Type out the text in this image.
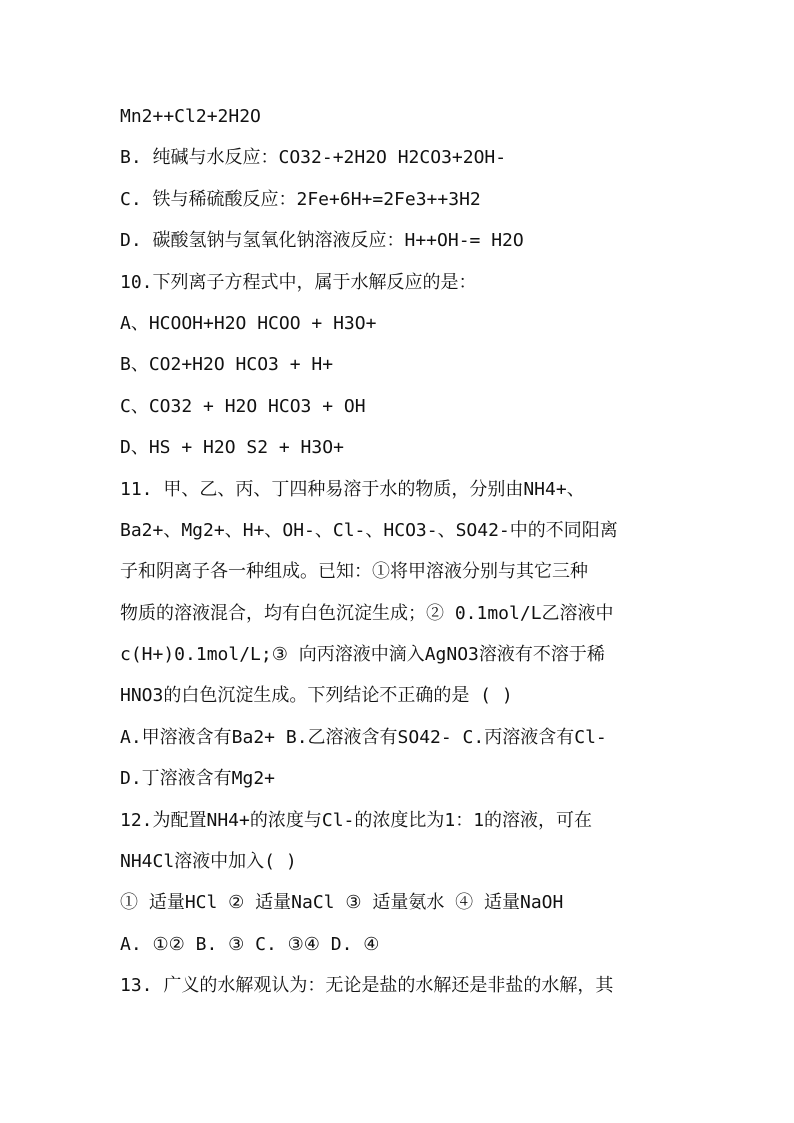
Mn2++Cl2+2H2O
B. 纯碱与水反应：CO32-+2H2O H2CO3+2OH-
C. 铁与稀硫酸反应：2Fe+6H+=2Fe3++3H2
D. 碳酸氢钠与氢氧化钠溶液反应：H++OH-= H2O
10.下列离子方程式中，属于水解反应的是：
A、HCOOH+H2O HCOO + H3O+
B、CO2+H2O HCO3 + H+
C、CO32 + H2O HCO3 + OH
D、HS + H2O S2 + H3O+
11. 甲、乙、丙、丁四种易溶于水的物质，分别由NH4+、
Ba2+、Mg2+、H+、OH-、Cl-、HCO3-、SO42-中的不同阳离
子和阴离子各一种组成。已知：①将甲溶液分别与其它三种
物质的溶液混合，均有白色沉淀生成；② 0.1mol/L乙溶液中
c(H+)0.1mol/L;③ 向丙溶液中滴入AgNO3溶液有不溶于稀
HNO3的白色沉淀生成。下列结论不正确的是 ( )
A.甲溶液含有Ba2+ B.乙溶液含有SO42- C.丙溶液含有Cl-
D.丁溶液含有Mg2+
12.为配置NH4+的浓度与Cl-的浓度比为1：1的溶液，可在
NH4Cl溶液中加入( )
① 适量HCl ② 适量NaCl ③ 适量氨水 ④ 适量NaOH
A. ①② B. ③ C. ③④ D. ④
13. 广义的水解观认为：无论是盐的水解还是非盐的水解，其
